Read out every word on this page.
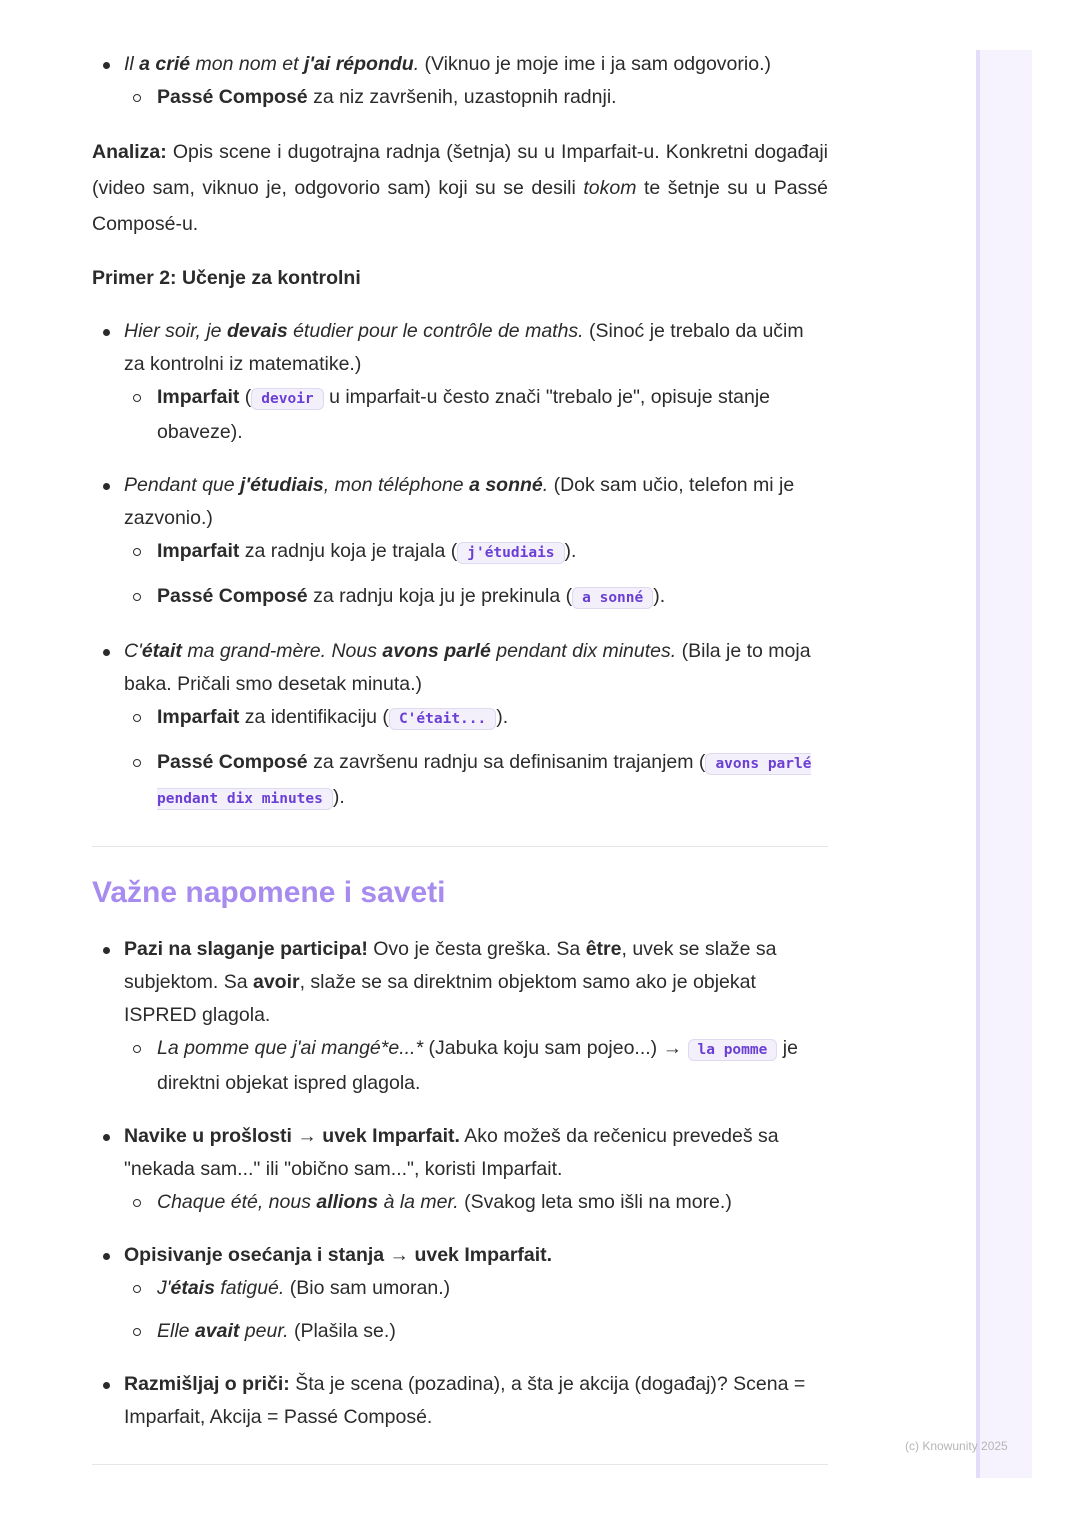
Il a crié mon nom et j'ai répondu. (Viknuo je moje ime i ja sam odgovorio.)
Passé Composé za niz završenih, uzastopnih radnji.

Analiza: Opis scene i dugotrajna radnja (šetnja) su u Imparfait-u. Konkretni događaji (video sam, viknuo je, odgovorio sam) koji su se desili tokom te šetnje su u Passé Composé-u.

Primer 2: Učenje za kontrolni

Hier soir, je devais étudier pour le contrôle de maths. (Sinoć je trebalo da učim za kontrolni iz matematike.)
Imparfait ( devoir u imparfait-u često znači "trebalo je", opisuje stanje obaveze).
Pendant que j'étudiais, mon téléphone a sonné. (Dok sam učio, telefon mi je zazvonio.)
Imparfait za radnju koja je trajala ( j'étudiais ).
Passé Composé za radnju koja ju je prekinula ( a sonné ).
C'était ma grand-mère. Nous avons parlé pendant dix minutes. (Bila je to moja baka. Pričali smo desetak minuta.)
Imparfait za identifikaciju ( C'était... ).
Passé Composé za završenu radnju sa definisanim trajanjem ( avons parlé pendant dix minutes ).
Važne napomene i saveti
Pazi na slaganje participa! Ovo je česta greška. Sa être, uvek se slaže sa subjektom. Sa avoir, slaže se sa direktnim objektom samo ako je objekat ISPRED glagola.
La pomme que j'ai mangé*e...* (Jabuka koju sam pojeo...) → la pomme je direktni objekat ispred glagola.
Navike u prošlosti → uvek Imparfait. Ako možeš da rečenicu prevedeš sa "nekada sam..." ili "obično sam...", koristi Imparfait.
Chaque été, nous allions à la mer. (Svakog leta smo išli na more.)
Opisivanje osećanja i stanja → uvek Imparfait.
J'étais fatigué. (Bio sam umoran.)
Elle avait peur. (Plašila se.)
Razmišljaj o priči: Šta je scena (pozadina), a šta je akcija (događaj)? Scena = Imparfait, Akcija = Passé Composé.
(c) Knowunity 2025
